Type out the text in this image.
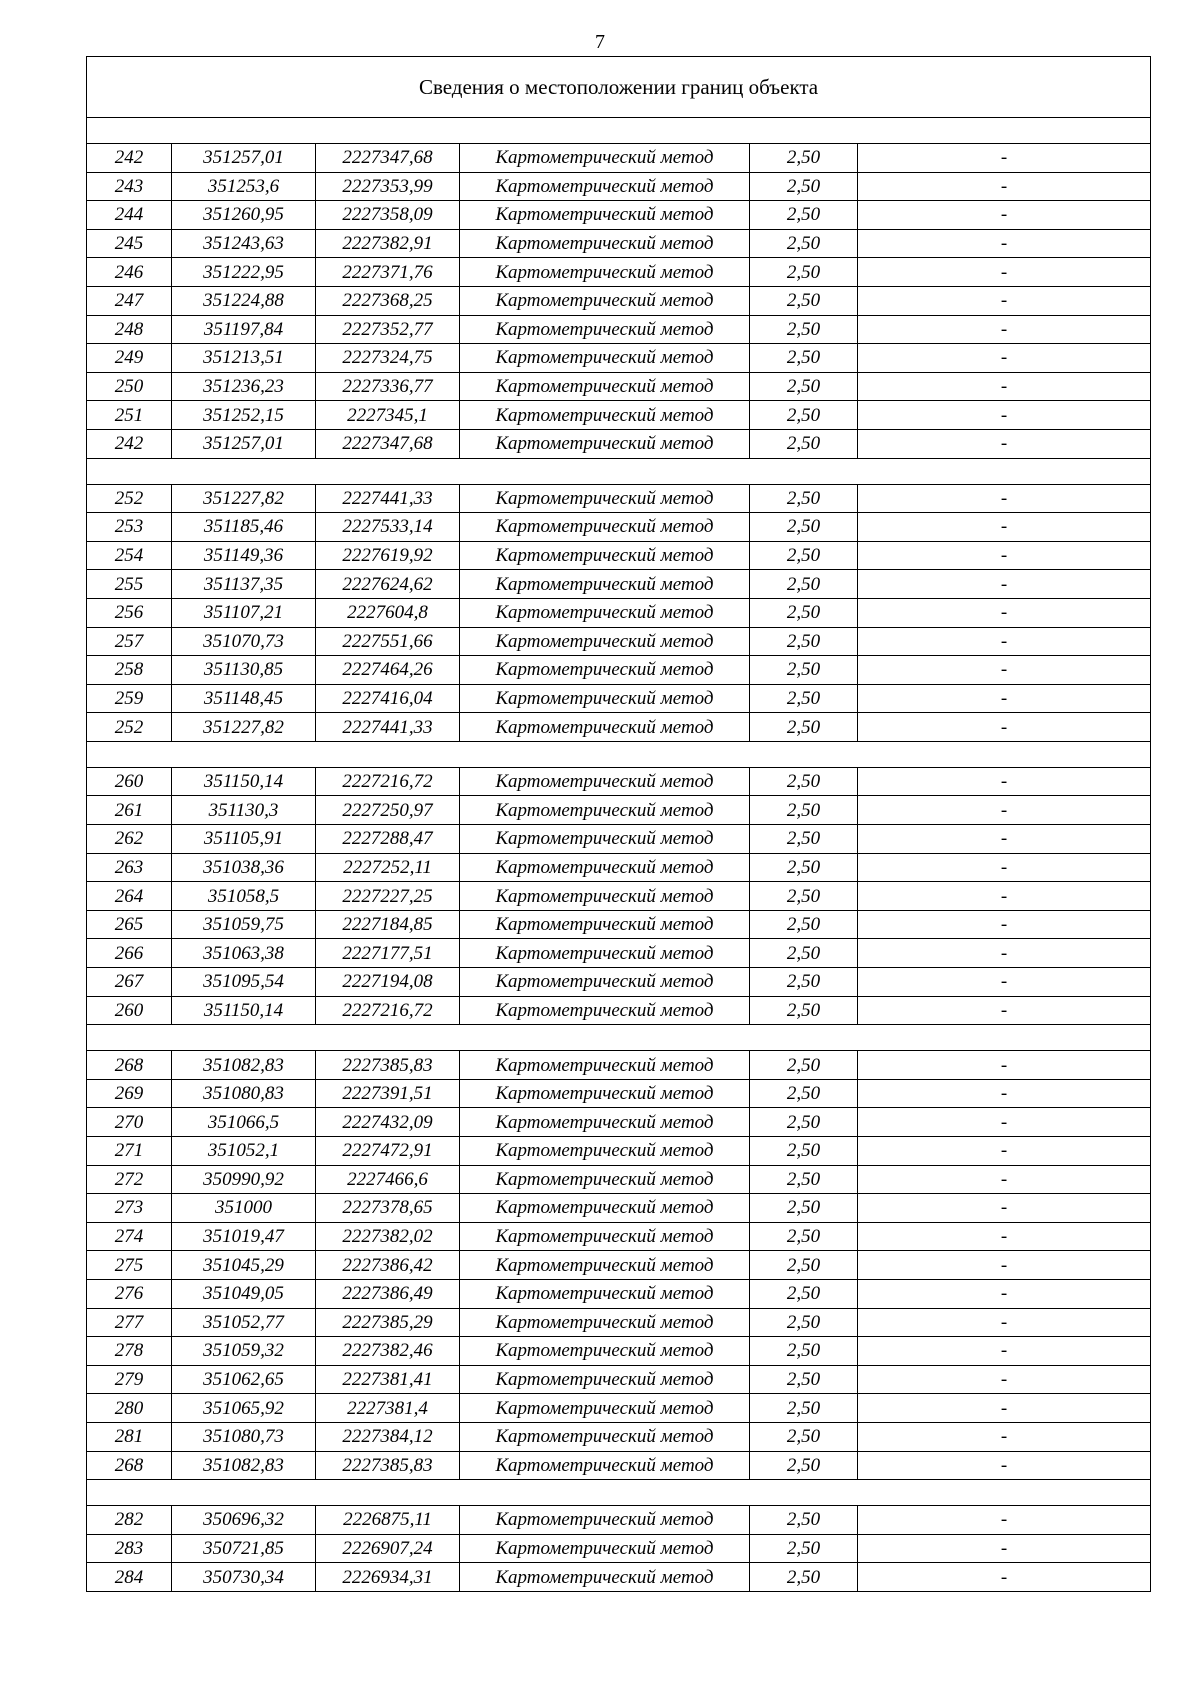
7
Сведения о местоположении границ объекта					

242	351257,01	2227347,68	Картометрический метод	2,50	-
243	351253,6	2227353,99	Картометрический метод	2,50	-
244	351260,95	2227358,09	Картометрический метод	2,50	-
245	351243,63	2227382,91	Картометрический метод	2,50	-
246	351222,95	2227371,76	Картометрический метод	2,50	-
247	351224,88	2227368,25	Картометрический метод	2,50	-
248	351197,84	2227352,77	Картометрический метод	2,50	-
249	351213,51	2227324,75	Картометрический метод	2,50	-
250	351236,23	2227336,77	Картометрический метод	2,50	-
251	351252,15	2227345,1	Картометрический метод	2,50	-
242	351257,01	2227347,68	Картометрический метод	2,50	-

252	351227,82	2227441,33	Картометрический метод	2,50	-
253	351185,46	2227533,14	Картометрический метод	2,50	-
254	351149,36	2227619,92	Картометрический метод	2,50	-
255	351137,35	2227624,62	Картометрический метод	2,50	-
256	351107,21	2227604,8	Картометрический метод	2,50	-
257	351070,73	2227551,66	Картометрический метод	2,50	-
258	351130,85	2227464,26	Картометрический метод	2,50	-
259	351148,45	2227416,04	Картометрический метод	2,50	-
252	351227,82	2227441,33	Картометрический метод	2,50	-

260	351150,14	2227216,72	Картометрический метод	2,50	-
261	351130,3	2227250,97	Картометрический метод	2,50	-
262	351105,91	2227288,47	Картометрический метод	2,50	-
263	351038,36	2227252,11	Картометрический метод	2,50	-
264	351058,5	2227227,25	Картометрический метод	2,50	-
265	351059,75	2227184,85	Картометрический метод	2,50	-
266	351063,38	2227177,51	Картометрический метод	2,50	-
267	351095,54	2227194,08	Картометрический метод	2,50	-
260	351150,14	2227216,72	Картометрический метод	2,50	-

268	351082,83	2227385,83	Картометрический метод	2,50	-
269	351080,83	2227391,51	Картометрический метод	2,50	-
270	351066,5	2227432,09	Картометрический метод	2,50	-
271	351052,1	2227472,91	Картометрический метод	2,50	-
272	350990,92	2227466,6	Картометрический метод	2,50	-
273	351000	2227378,65	Картометрический метод	2,50	-
274	351019,47	2227382,02	Картометрический метод	2,50	-
275	351045,29	2227386,42	Картометрический метод	2,50	-
276	351049,05	2227386,49	Картометрический метод	2,50	-
277	351052,77	2227385,29	Картометрический метод	2,50	-
278	351059,32	2227382,46	Картометрический метод	2,50	-
279	351062,65	2227381,41	Картометрический метод	2,50	-
280	351065,92	2227381,4	Картометрический метод	2,50	-
281	351080,73	2227384,12	Картометрический метод	2,50	-
268	351082,83	2227385,83	Картометрический метод	2,50	-

282	350696,32	2226875,11	Картометрический метод	2,50	-
283	350721,85	2226907,24	Картометрический метод	2,50	-
284	350730,34	2226934,31	Картометрический метод	2,50	-
